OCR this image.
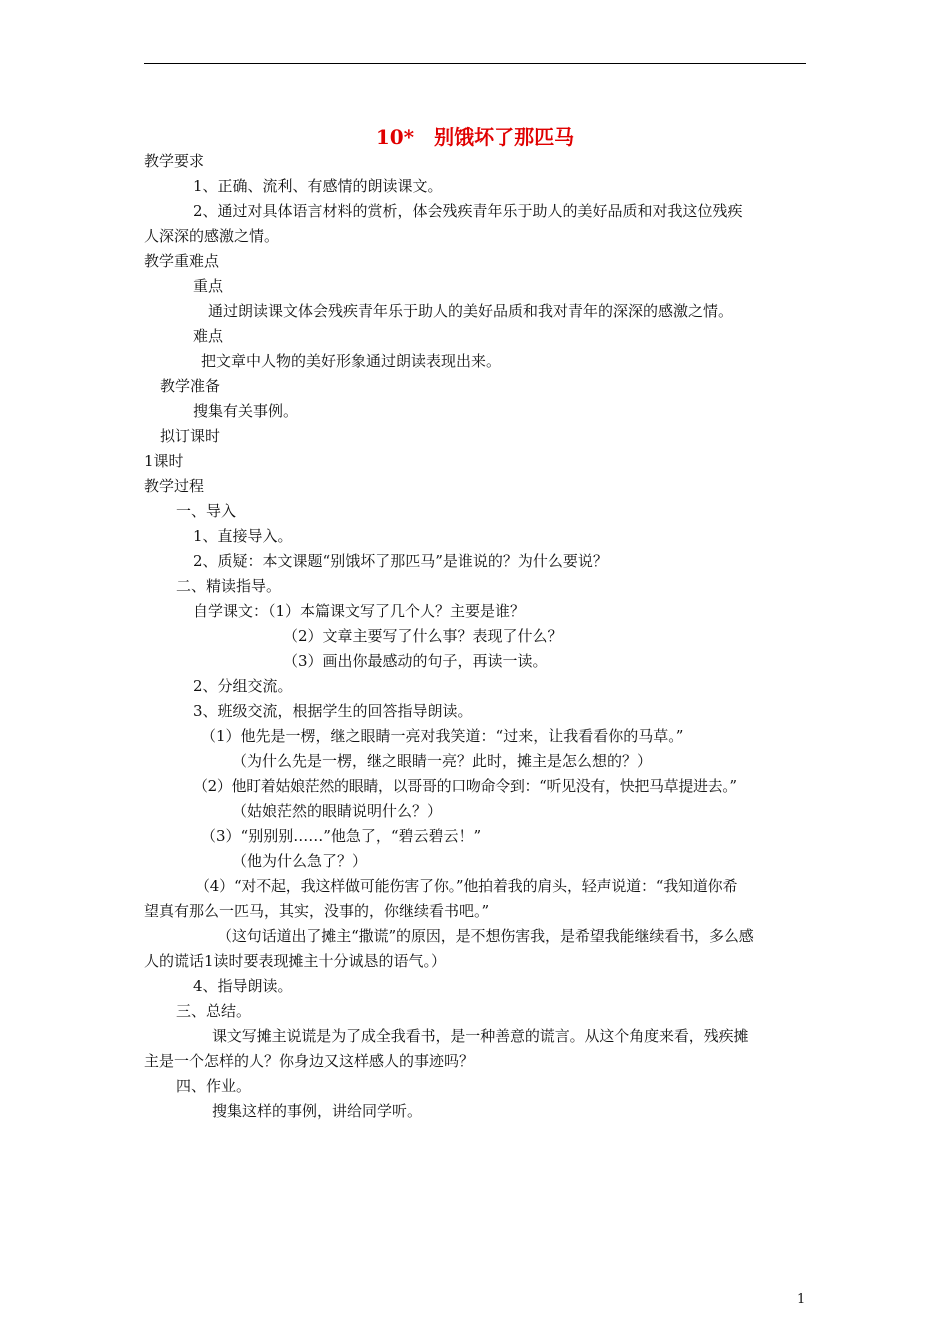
10*　别饿坏了那匹马
教学要求
1、正确、流利、有感情的朗读课文。
2、通过对具体语言材料的赏析，体会残疾青年乐于助人的美好品质和对我这位残疾
人深深的感激之情。
教学重难点
重点
通过朗读课文体会残疾青年乐于助人的美好品质和我对青年的深深的感激之情。
难点
把文章中人物的美好形象通过朗读表现出来。
教学准备
搜集有关事例。
拟订课时
1课时
教学过程
一、导入
1、直接导入。
2、质疑：本文课题“别饿坏了那匹马”是谁说的？为什么要说？
二、精读指导。
自学课文：（1）本篇课文写了几个人？主要是谁？
（2）文章主要写了什么事？表现了什么？
（3）画出你最感动的句子，再读一读。
2、分组交流。
3、班级交流，根据学生的回答指导朗读。
（1）他先是一楞，继之眼睛一亮对我笑道：“过来，让我看看你的马草。”
（为什么先是一楞，继之眼睛一亮？此时，摊主是怎么想的？）
（2）他盯着姑娘茫然的眼睛，以哥哥的口吻命令到：“听见没有，快把马草提进去。”
（姑娘茫然的眼睛说明什么？）
（3）“别别别……”他急了，“碧云碧云！”
（他为什么急了？）
（4）“对不起，我这样做可能伤害了你。”他拍着我的肩头，轻声说道：“我知道你希
望真有那么一匹马，其实，没事的，你继续看书吧。”
（这句话道出了摊主“撒谎”的原因，是不想伤害我，是希望我能继续看书，多么感
人的谎话1读时要表现摊主十分诚恳的语气。）
4、指导朗读。
三、总结。
课文写摊主说谎是为了成全我看书，是一种善意的谎言。从这个角度来看，残疾摊
主是一个怎样的人？你身边又这样感人的事迹吗？
四、作业。
搜集这样的事例，讲给同学听。
1
